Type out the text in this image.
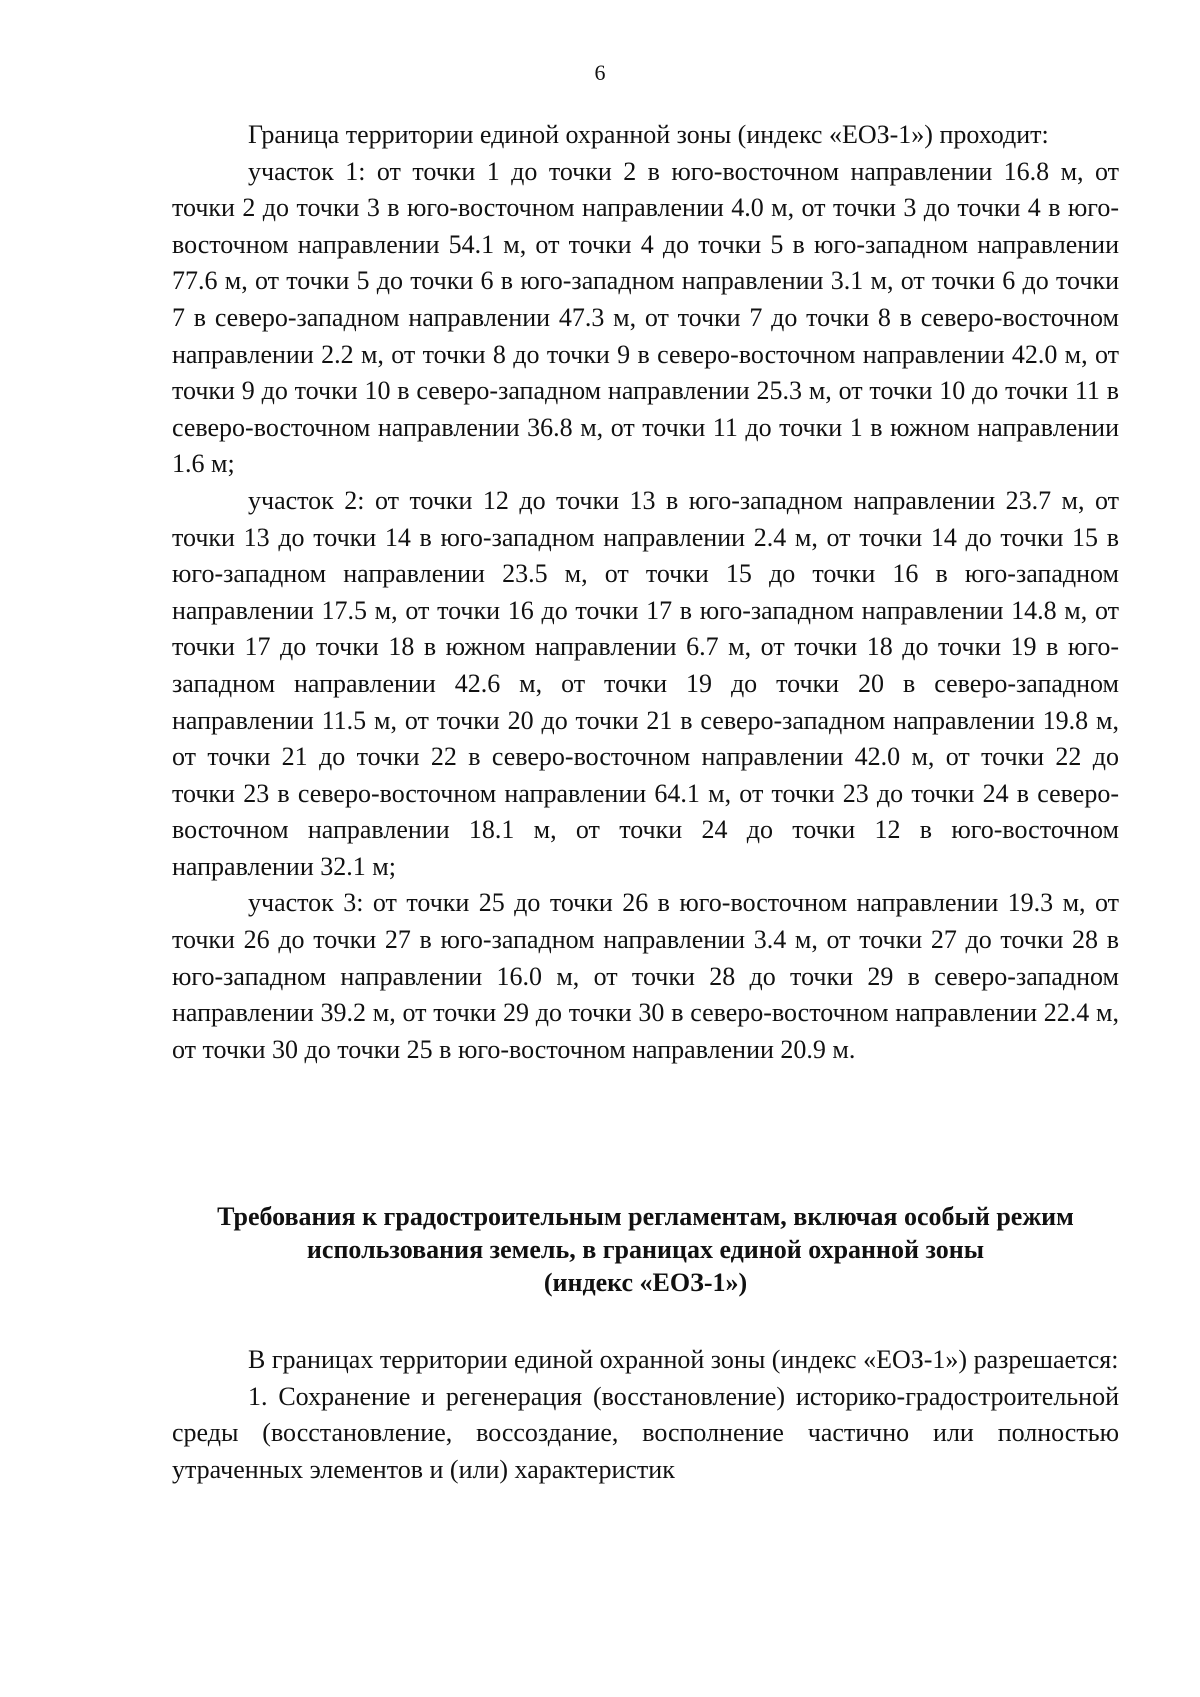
6

Граница территории единой охранной зоны (индекс «ЕОЗ-1») проходит:

участок 1: от точки 1 до точки 2 в юго-восточном направлении 16.8 м, от точки 2 до точки 3 в юго-восточном направлении 4.0 м, от точки 3 до точки 4 в юго-восточном направлении 54.1 м, от точки 4 до точки 5 в юго-западном направлении 77.6 м, от точки 5 до точки 6 в юго-западном направлении 3.1 м, от точки 6 до точки 7 в северо-западном направлении 47.3 м, от точки 7 до точки 8 в северо-восточном направлении 2.2 м, от точки 8 до точки 9 в северо-восточном направлении 42.0 м, от точки 9 до точки 10 в северо-западном направлении 25.3 м, от точки 10 до точки 11 в северо-восточном направлении 36.8 м, от точки 11 до точки 1 в южном направлении 1.6 м;

участок 2: от точки 12 до точки 13 в юго-западном направлении 23.7 м, от точки 13 до точки 14 в юго-западном направлении 2.4 м, от точки 14 до точки 15 в юго-западном направлении 23.5 м, от точки 15 до точки 16 в юго-западном направлении 17.5 м, от точки 16 до точки 17 в юго-западном направлении 14.8 м, от точки 17 до точки 18 в южном направлении 6.7 м, от точки 18 до точки 19 в юго-западном направлении 42.6 м, от точки 19 до точки 20 в северо-западном направлении 11.5 м, от точки 20 до точки 21 в северо-западном направлении 19.8 м, от точки 21 до точки 22 в северо-восточном направлении 42.0 м, от точки 22 до точки 23 в северо-восточном направлении 64.1 м, от точки 23 до точки 24 в северо-восточном направлении 18.1 м, от точки 24 до точки 12 в юго-восточном направлении 32.1 м;

участок 3: от точки 25 до точки 26 в юго-восточном направлении 19.3 м, от точки 26 до точки 27 в юго-западном направлении 3.4 м, от точки 27 до точки 28 в юго-западном направлении 16.0 м, от точки 28 до точки 29 в северо-западном направлении 39.2 м, от точки 29 до точки 30 в северо-восточном направлении 22.4 м, от точки 30 до точки 25 в юго-восточном направлении 20.9 м.

Требования к градостроительным регламентам, включая особый режим
использования земель, в границах единой охранной зоны
(индекс «ЕОЗ-1»)

В границах территории единой охранной зоны (индекс «ЕОЗ-1») разрешается:

1. Сохранение и регенерация (восстановление) историко-градостроительной среды (восстановление, воссоздание, восполнение частично или полностью утраченных элементов и (или) характеристик
